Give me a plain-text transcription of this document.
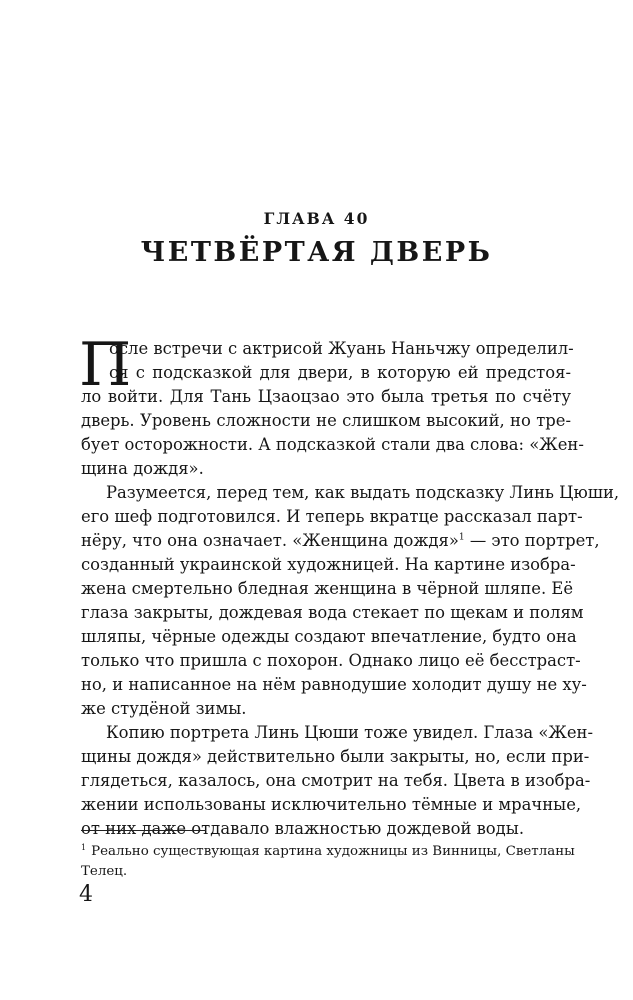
ГЛАВА 40
ЧЕТВЁРТАЯ ДВЕРЬ
П
осле встречи с актрисой Жуань Наньчжу определил-
ся с подсказкой для двери, в которую ей предстоя-
ло войти. Для Тань Цзаоцзао это была третья по счёту
дверь. Уровень сложности не слишком высокий, но тре-
бует осторожности. А подсказкой стали два слова: «Жен-
щина дождя».
Разумеется, перед тем, как выдать подсказку Линь Цюши,
его шеф подготовился. И теперь вкратце рассказал парт-
нёру, что она означает. «Женщина дождя»$^1$ — это портрет,
созданный украинской художницей. На картине изобра-
жена смертельно бледная женщина в чёрной шляпе. Её
глаза закрыты, дождевая вода стекает по щекам и полям
шляпы, чёрные одежды создают впечатление, будто она
только что пришла с похорон. Однако лицо её бесстраст-
но, и написанное на нём равнодушие холодит душу не ху-
же студёной зимы.
Копию портрета Линь Цюши тоже увидел. Глаза «Жен-
щины дождя» действительно были закрыты, но, если при-
глядеться, казалось, она смотрит на тебя. Цвета в изобра-
жении использованы исключительно тёмные и мрачные,
от них даже отдавало влажностью дождевой воды.
$^1$ Реально существующая картина художницы из Винницы, Светланы
Телец.
4
